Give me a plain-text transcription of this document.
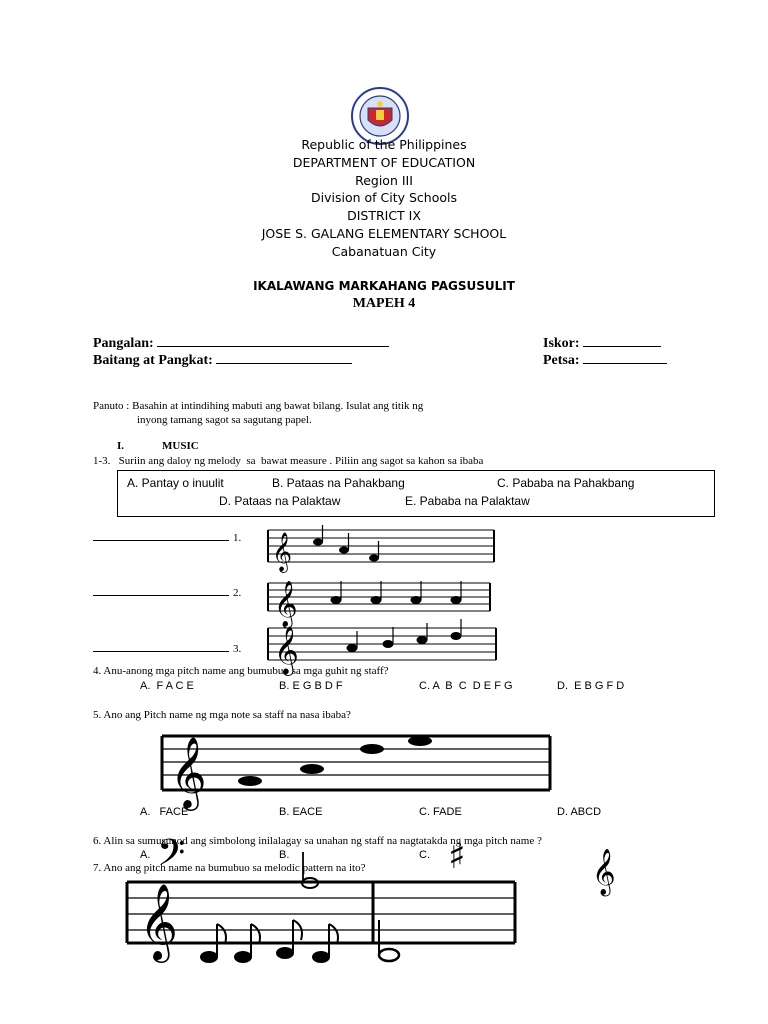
Republic of the Philippines
DEPARTMENT OF EDUCATION
Region III
Division of City Schools
DISTRICT IX
JOSE S. GALANG ELEMENTARY SCHOOL
Cabanatuan City
IKALAWANG MARKAHANG PAGSUSULIT
MAPEH 4
Pangalan:	Iskor:
Baitang at Pangkat:	Petsa:
Panuto : Basahin at intindihing mabuti ang bawat bilang. Isulat ang titik ng
inyong tamang sagot sa sagutang papel.
I.	MUSIC
1-3.   Suriin ang daloy ng melody  sa  bawat measure . Piliin ang sagot sa kahon sa ibaba
A. Pantay o inuulit	B. Pataas na Pahakbang	C. Pababa na Pahakbang
D. Pataas na Palaktaw	E. Pababa na Palaktaw
1.
2.
3.
𝄞
𝄞
𝄞
4. Anu-anong mga pitch name ang bumubuo sa mga guhit ng staff?
A.  F A C E	B. E G B D F	C. A  B  C  D E F G	D.  E B G F D
5. Ano ang Pitch name ng mga note sa staff na nasa ibaba?
𝄞
A.   FACE	B. EACE	C. FADE	D. ABCD
6. Alin sa sumusunod ang simbolong inilalagay sa unahan ng staff na nagtatakda ng mga pitch name ?
A.	B.	C.
𝄢	♯	𝄞
7. Ano ang pitch name na bumubuo sa melodic pattern na ito?
𝄞
